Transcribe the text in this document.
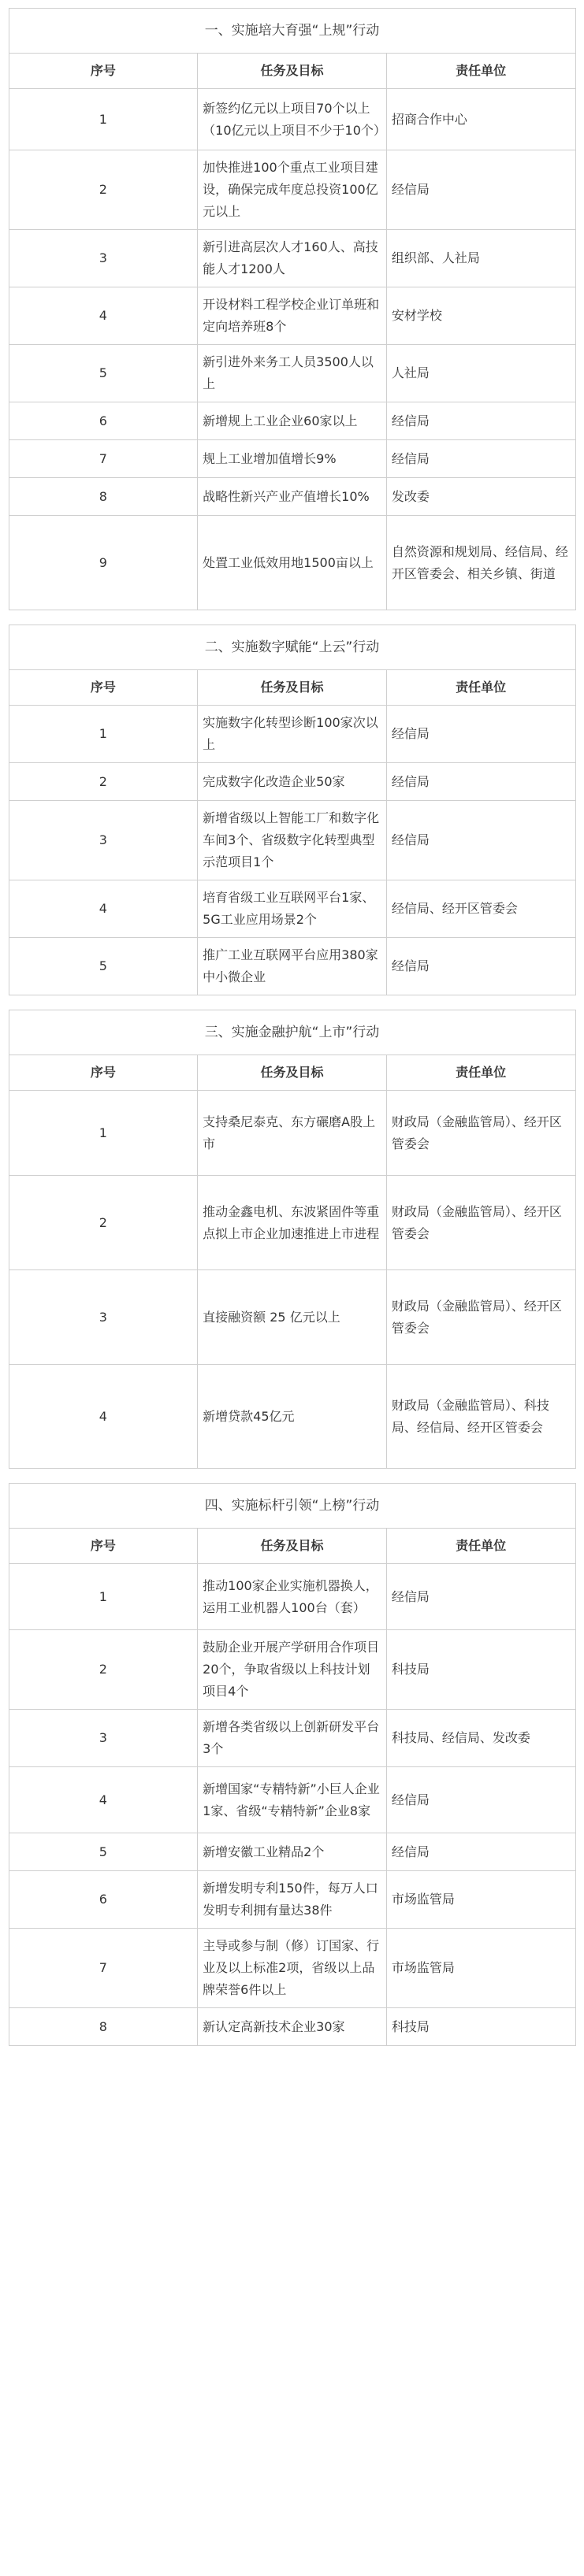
一、实施培大育强“上规”行动		
序号	任务及目标	责任单位
1	新签约亿元以上项目70个以上（10亿元以上项目不少于10个）	招商合作中心
2	加快推进100个重点工业项目建设，确保完成年度总投资100亿元以上	经信局
3	新引进高层次人才160人、高技能人才1200人	组织部、人社局
4	开设材料工程学校企业订单班和定向培养班8个	安材学校
5	新引进外来务工人员3500人以上	人社局
6	新增规上工业企业60家以上	经信局
7	规上工业增加值增长9%	经信局
8	战略性新兴产业产值增长10%	发改委
9	处置工业低效用地1500亩以上	自然资源和规划局、经信局、经开区管委会、相关乡镇、街道

二、实施数字赋能“上云”行动		
序号	任务及目标	责任单位
1	实施数字化转型诊断100家次以上	经信局
2	完成数字化改造企业50家	经信局
3	新增省级以上智能工厂和数字化车间3个、省级数字化转型典型示范项目1个	经信局
4	培育省级工业互联网平台1家、5G工业应用场景2个	经信局、经开区管委会
5	推广工业互联网平台应用380家中小微企业	经信局

三、实施金融护航“上市”行动		
序号	任务及目标	责任单位
1	支持桑尼泰克、东方碾磨A股上市	财政局（金融监管局）、经开区管委会
2	推动金鑫电机、东波紧固件等重点拟上市企业加速推进上市进程	财政局（金融监管局）、经开区管委会
3	直接融资额 25 亿元以上	财政局（金融监管局）、经开区管委会
4	新增贷款45亿元	财政局（金融监管局）、科技局、经信局、经开区管委会

四、实施标杆引领“上榜”行动		
序号	任务及目标	责任单位
1	推动100家企业实施机器换人，运用工业机器人100台（套）	经信局
2	鼓励企业开展产学研用合作项目20个，争取省级以上科技计划项目4个	科技局
3	新增各类省级以上创新研发平台3个	科技局、经信局、发改委
4	新增国家“专精特新”小巨人企业1家、省级“专精特新”企业8家	经信局
5	新增安徽工业精品2个	经信局
6	新增发明专利150件，每万人口发明专利拥有量达38件	市场监管局
7	主导或参与制（修）订国家、行业及以上标准2项，省级以上品牌荣誉6件以上	市场监管局
8	新认定高新技术企业30家	科技局
